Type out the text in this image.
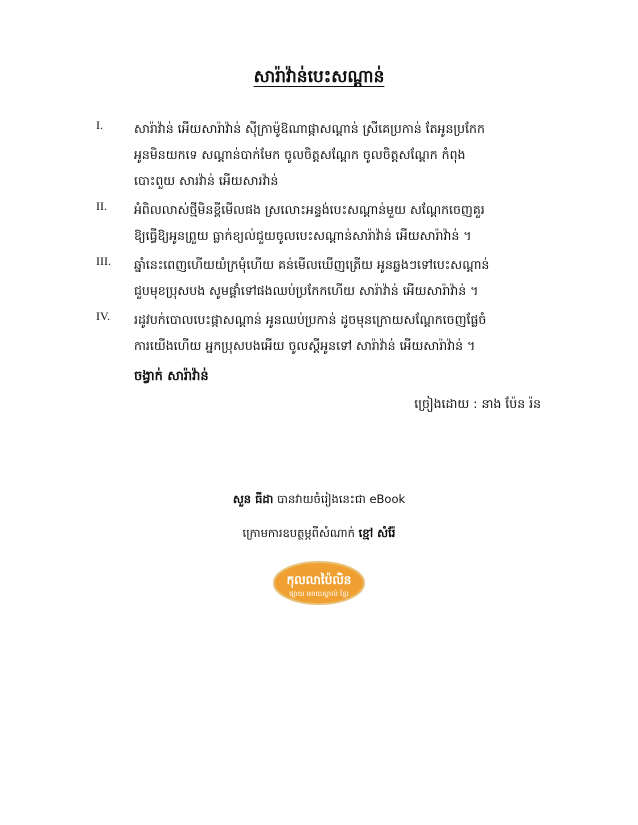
សារ៉ាវ៉ាន់បេះសណ្ដាន់
I.	សារ៉ាវ៉ាន់ អើយសារ៉ាវ៉ាន់ ស៊ីក្រាម៉ូឱណាផ្កាសណ្ដាន់ ស្រីគេប្រកាន់ តែអូនប្រកែក
អូនមិនយកទេ សណ្ដាន់បាក់មែក ចូលចិត្តសណ្ដែក ចូលចិត្តសណ្ដែក កំពុង
បោះពួយ សារវ៉ាន់ អើយសារវ៉ាន់
II.	អំពិលលាស់ថ្មីមិនខ្ពីមើលផង ស្រលោះអន្ទង់បេះសណ្ដាន់មួយ សណ្ដែកចេញគួរ
ឱ្យធ្វើឱ្យអូនព្រួយ ធ្លាក់ខ្យល់ជួយចូលបេះសណ្ដាន់សារ៉ាវ៉ាន់ អើយសារ៉ាវ៉ាន់ ។
III.	ឆ្នាំនេះពេញហើយយំក្រមុំហើយ គន់មើលឃើញត្រើយ អូនឆ្លងៗទៅបេះសណ្ដាន់
ជួបមុខប្រុសបង សូមផ្ដាំទៅផងឈប់ប្រកែកហើយ សារ៉ាវ៉ាន់ អើយសារ៉ាវ៉ាន់ ។
IV.	រដូវបក់បោលបេះផ្កាសណ្ដាន់ អូនឈប់ប្រកាន់ ដូចមុនក្រោយសណ្ដែកចេញផ្លែចំ
ការយើងហើយ អ្នកប្រុសបងអើយ ចូលស្ដីអូនទៅ សារ៉ាវ៉ាន់ អើយសារ៉ាវ៉ាន់ ។
ចង្វាក់ សារ៉ាវ៉ាន់
ច្រៀងដោយ : នាង ប៉ែន រ៉ន
សួន ធីដា បានវាយចំរៀងនេះជា eBook
ក្រោមការឧបត្ថម្ភពីសំណាក់ ខ្មៅ សំរ៉ែ
កុលលាប៉ៃលិន
ផ្សាយ អោយស្គាល់ ខ្មែរ
